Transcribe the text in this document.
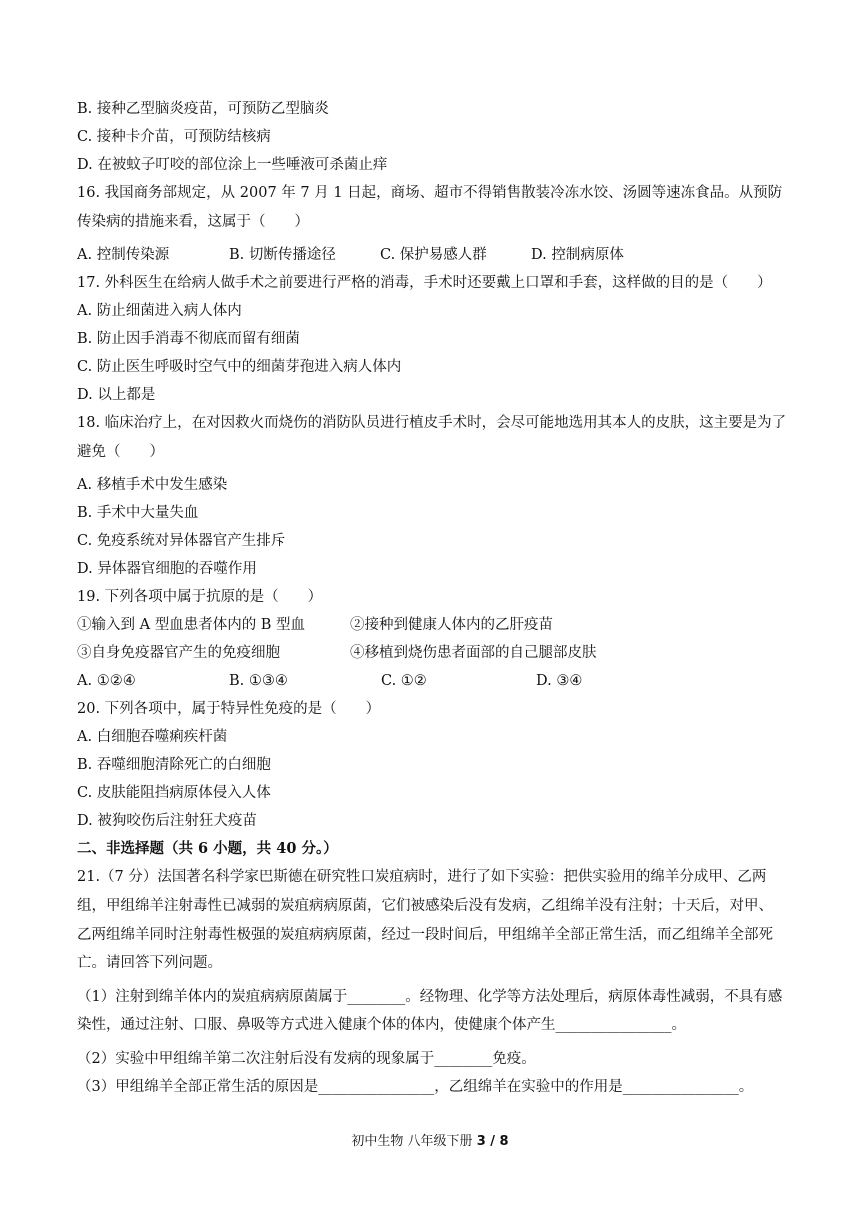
B. 接种乙型脑炎疫苗，可预防乙型脑炎
C. 接种卡介苗，可预防结核病
D. 在被蚊子叮咬的部位涂上一些唾液可杀菌止痒
16. 我国商务部规定，从 2007 年 7 月 1 日起，商场、超市不得销售散装冷冻水饺、汤圆等速冻食品。从预防传染病的措施来看，这属于（　　）
A. 控制传染源	B. 切断传播途径	C. 保护易感人群	D. 控制病原体
17. 外科医生在给病人做手术之前要进行严格的消毒，手术时还要戴上口罩和手套，这样做的目的是（　　）
A. 防止细菌进入病人体内
B. 防止因手消毒不彻底而留有细菌
C. 防止医生呼吸时空气中的细菌芽孢进入病人体内
D. 以上都是
18. 临床治疗上，在对因救火而烧伤的消防队员进行植皮手术时，会尽可能地选用其本人的皮肤，这主要是为了避免（　　）
A. 移植手术中发生感染
B. 手术中大量失血
C. 免疫系统对异体器官产生排斥
D. 异体器官细胞的吞噬作用
19. 下列各项中属于抗原的是（　　）
①输入到 A 型血患者体内的 B 型血	②接种到健康人体内的乙肝疫苗
③自身免疫器官产生的免疫细胞	④移植到烧伤患者面部的自己腿部皮肤
A. ①②④	B. ①③④	C. ①②	D. ③④
20. 下列各项中，属于特异性免疫的是（　　）
A. 白细胞吞噬痢疾杆菌
B. 吞噬细胞清除死亡的白细胞
C. 皮肤能阻挡病原体侵入人体
D. 被狗咬伤后注射狂犬疫苗
二、非选择题（共 6 小题，共 40 分。）
21.（7 分）法国著名科学家巴斯德在研究牲口炭疽病时，进行了如下实验：把供实验用的绵羊分成甲、乙两组，甲组绵羊注射毒性已减弱的炭疽病病原菌，它们被感染后没有发病，乙组绵羊没有注射；十天后，对甲、乙两组绵羊同时注射毒性极强的炭疽病病原菌，经过一段时间后，甲组绵羊全部正常生活，而乙组绵羊全部死亡。请回答下列问题。
（1）注射到绵羊体内的炭疽病病原菌属于________。经物理、化学等方法处理后，病原体毒性减弱，不具有感染性，通过注射、口服、鼻吸等方式进入健康个体的体内，使健康个体产生________________。
（2）实验中甲组绵羊第二次注射后没有发病的现象属于________免疫。
（3）甲组绵羊全部正常生活的原因是________________，乙组绵羊在实验中的作用是________________。
初中生物 八年级下册 3 / 8
